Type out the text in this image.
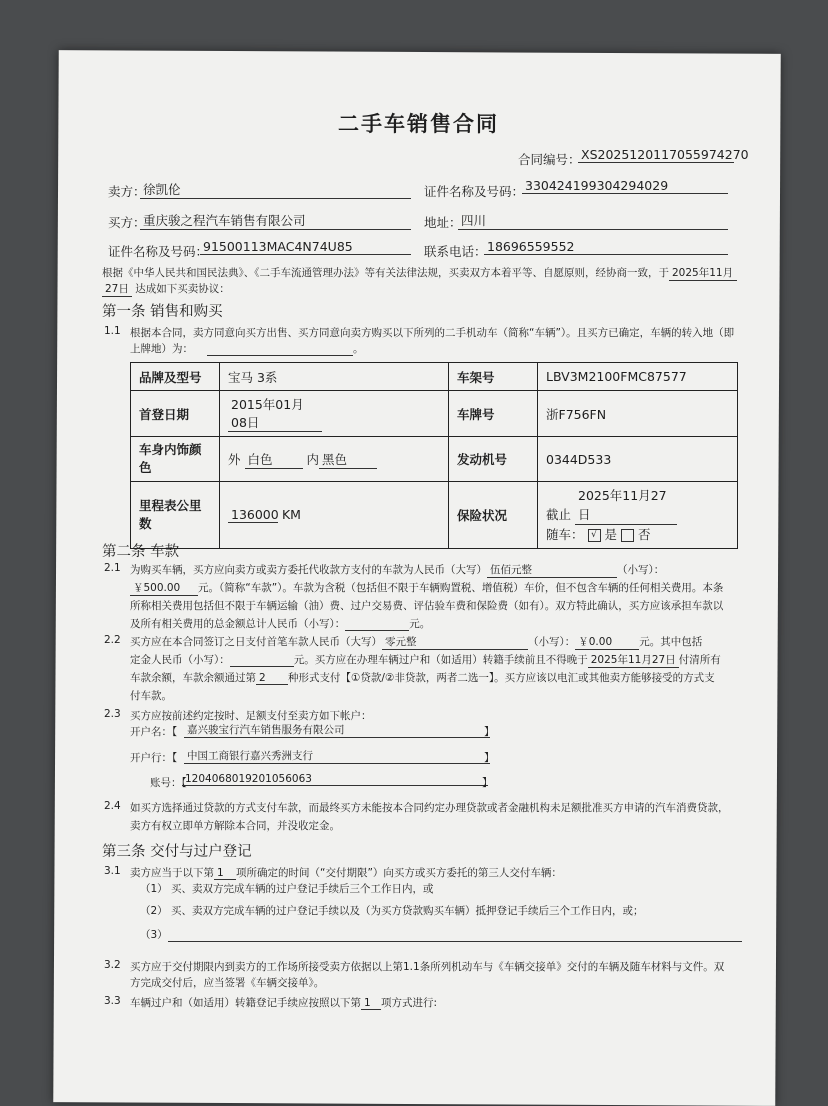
二手车销售合同
合同编号： XS2025120117055974270
卖方：
徐凯伦	证件名称及号码： 330424199304294029
买方：
重庆骏之程汽车销售有限公司	地址： 四川
证件名称及号码：
91500113MAC4N74U85	联系电话： 18696559552
根据《中华人民共和国民法典》、《二手车流通管理办法》等有关法律法规，买卖双方本着平等、自愿原则，经协商一致，于 2025年11月
27日 达成如下买卖协议：
第一条 销售和购买
1.1 根据本合同，卖方同意向买方出售、买方同意向卖方购买以下所列的二手机动车（简称“车辆”）。且买方已确定，车辆的转入地（即
上牌地）为：	。
品牌及型号	宝马 3系	车架号	LBV3M2100FMC87577
首登日期	2015年01月08日	车牌号	浙F756FN
车身内饰颜
色	外 白色 内 黑色	发动机号	0344D533
里程表公里
数	136000 KM	保险状况	截止 2025年11月27日
随车： √ 是 否
第二条 车款
2.1 为购买车辆，买方应向卖方或卖方委托代收款方支付的车款为人民币（大写） 伍佰元整	（小写）：
￥500.00 元。（简称“车款”）。车款为含税（包括但不限于车辆购置税、增值税）车价，但不包含车辆的任何相关费用。本条
所称相关费用包括但不限于车辆运输（油）费、过户交易费、评估验车费和保险费（如有）。双方特此确认，买方应该承担车款以
及所有相关费用的总金额总计人民币（小写）：	元。
2.2 买方应在本合同签订之日支付首笔车款人民币（大写） 零元整	（小写）： ￥0.00	元。其中包括
定金人民币（小写）：	元。买方应在办理车辆过户和（如适用）转籍手续前且不得晚于 2025年11月27日 付清所有
车款余额，车款余额通过第 2 种形式支付【①贷款/②非贷款，两者二选一】。买方应该以电汇或其他卖方能够接受的方式支
付车款。
2.3 买方应按前述约定按时、足额支付至卖方如下帐户：
开户名：【 嘉兴骏宝行汽车销售服务有限公司	】
开户行：【 中国工商银行嘉兴秀洲支行	】
账号：【
1204068019201056063	】
2.4 如买方选择通过贷款的方式支付车款，而最终买方未能按本合同约定办理贷款或者金融机构未足额批准买方申请的汽车消费贷款，
卖方有权立即单方解除本合同，并没收定金。
第三条 交付与过户登记
3.1 卖方应当于以下第 1 项所确定的时间（“交付期限”）向买方或买方委托的第三人交付车辆：
（1） 买、卖双方完成车辆的过户登记手续后三个工作日内，或
（2） 买、卖双方完成车辆的过户登记手续以及（为买方贷款购买车辆）抵押登记手续后三个工作日内，或；
（3）
3.2 买方应于交付期限内到卖方的工作场所接受卖方依据以上第1.1条所列机动车与《车辆交接单》交付的车辆及随车材料与文件。双
方完成交付后，应当签署《车辆交接单》。
3.3 车辆过户和（如适用）转籍登记手续应按照以下第 1 项方式进行:
